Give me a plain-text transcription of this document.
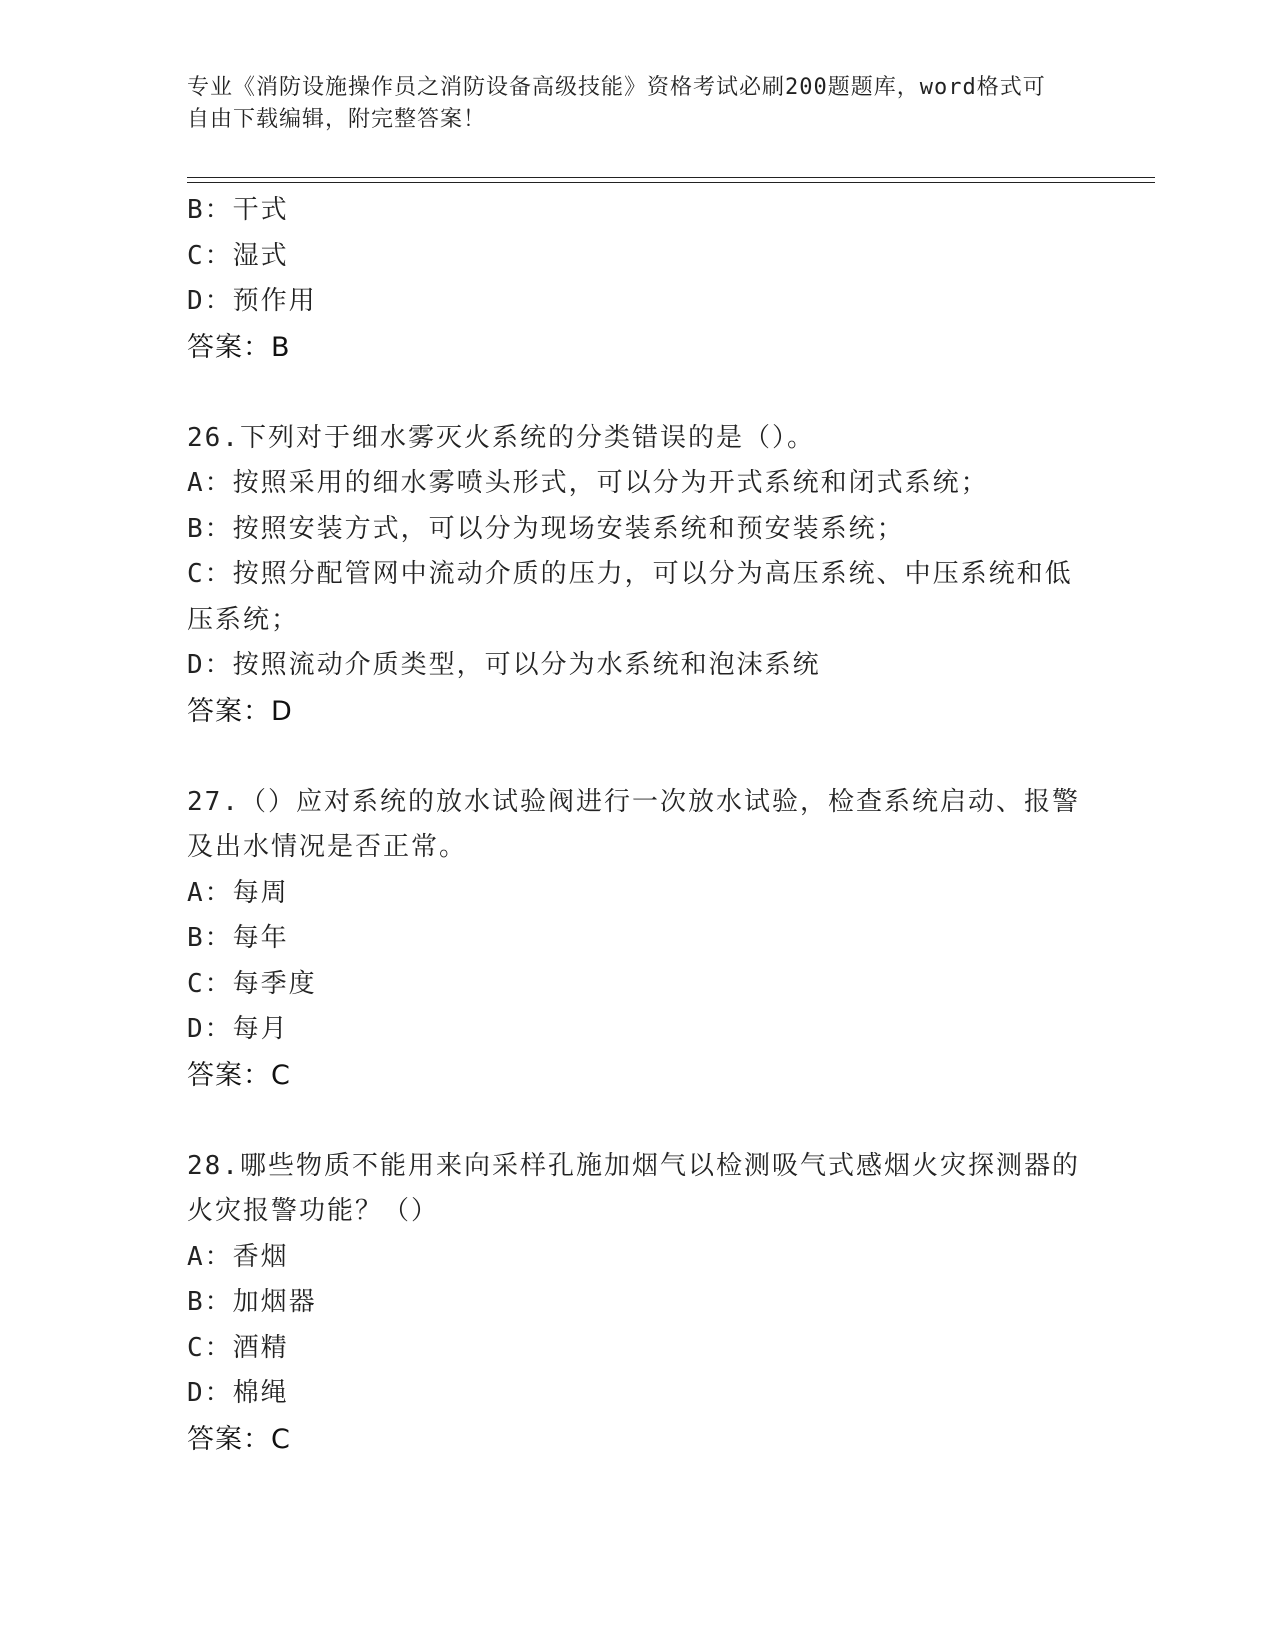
专业《消防设施操作员之消防设备高级技能》资格考试必刷200题题库，word格式可自由下载编辑，附完整答案！
B：干式
C：湿式
D：预作用
答案：B
26.下列对于细水雾灭火系统的分类错误的是（）。
A：按照采用的细水雾喷头形式，可以分为开式系统和闭式系统；
B：按照安装方式，可以分为现场安装系统和预安装系统；
C：按照分配管网中流动介质的压力，可以分为高压系统、中压系统和低压系统；
D：按照流动介质类型，可以分为水系统和泡沫系统
答案：D
27.（）应对系统的放水试验阀进行一次放水试验，检查系统启动、报警及出水情况是否正常。
A：每周
B：每年
C：每季度
D：每月
答案：C
28.哪些物质不能用来向采样孔施加烟气以检测吸气式感烟火灾探测器的火灾报警功能？（）
A：香烟
B：加烟器
C：酒精
D：棉绳
答案：C
